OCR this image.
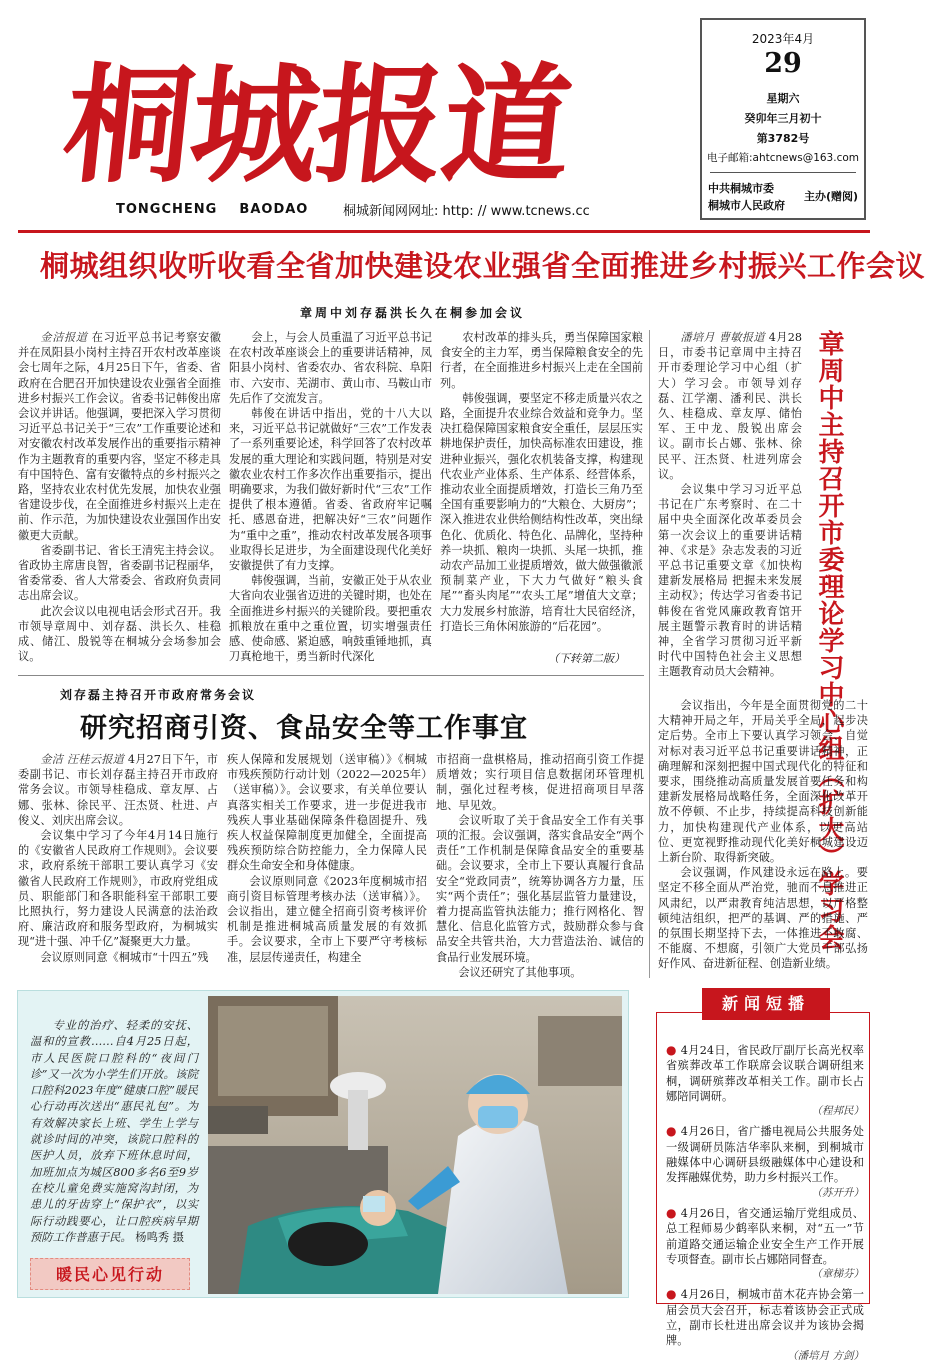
桐城报道
TONGCHENG    BAODAO	桐城新闻网网址: http: // www.tcnews.cc
2023年4月
29
星期六
癸卯年三月初十
第3782号
电子邮箱:ahtcnews@163.com
中共桐城市委
桐城市人民政府
主办(赠阅)
桐城组织收听收看全省加快建设农业强省全面推进乡村振兴工作会议
章周中刘存磊洪长久在桐参加会议

金洁报道 在习近平总书记考察安徽并在凤阳县小岗村主持召开农村改革座谈会七周年之际，4月25日下午，省委、省政府在合肥召开加快建设农业强省全面推进乡村振兴工作会议。省委书记韩俊出席会议并讲话。他强调，要把深入学习贯彻习近平总书记关于“三农”工作重要论述和对安徽农村改革发展作出的重要指示精神作为主题教育的重要内容，坚定不移走具有中国特色、富有安徽特点的乡村振兴之路，坚持农业农村优先发展，加快农业强省建设步伐，在全面推进乡村振兴上走在前、作示范，为加快建设农业强国作出安徽更大贡献。

省委副书记、省长王清宪主持会议。省政协主席唐良智，省委副书记程丽华，省委常委、省人大常委会、省政府负责同志出席会议。

此次会议以电视电话会形式召开。我市领导章周中、刘存磊、洪长久、桂稳成、储江、殷锐等在桐城分会场参加会议。

会上，与会人员重温了习近平总书记在农村改革座谈会上的重要讲话精神，凤阳县小岗村、省委农办、省农科院、阜阳市、六安市、芜湖市、黄山市、马鞍山市先后作了交流发言。

韩俊在讲话中指出，党的十八大以来，习近平总书记就做好“三农”工作发表了一系列重要论述，科学回答了农村改革发展的重大理论和实践问题，特别是对安徽农业农村工作多次作出重要指示，提出明确要求，为我们做好新时代“三农”工作提供了根本遵循。省委、省政府牢记嘱托、感恩奋进，把解决好“三农”问题作为“重中之重”，推动农村改革发展各项事业取得长足进步，为全面建设现代化美好安徽提供了有力支撑。

韩俊强调，当前，安徽正处于从农业大省向农业强省迈进的关键时期，也处在全面推进乡村振兴的关键阶段。要把重农抓粮放在重中之重位置，切实增强责任感、使命感、紧迫感，响鼓重锤地抓，真刀真枪地干，勇当新时代深化

农村改革的排头兵，勇当保障国家粮食安全的主力军，勇当保障粮食安全的先行者，在全面推进乡村振兴上走在全国前列。

韩俊强调，要坚定不移走质量兴农之路，全面提升农业综合效益和竞争力。坚决扛稳保障国家粮食安全重任，层层压实耕地保护责任，加快高标准农田建设，推进种业振兴，强化农机装备支撑，构建现代农业产业体系、生产体系、经营体系，推动农业全面提质增效，打造长三角乃至全国有重要影响力的“大粮仓、大厨房”；深入推进农业供给侧结构性改革，突出绿色化、优质化、特色化、品牌化，坚持种养一块抓、粮肉一块抓、头尾一块抓，推动农产品加工业提质增效，做大做强徽派预制菜产业，下大力气做好“粮头食尾”“畜头肉尾”“农头工尾”增值大文章；大力发展乡村旅游，培育壮大民宿经济，打造长三角休闲旅游的“后花园”。

（下转第二版）	章周中主持召开市委理论学习中心组（扩大）学习会

潘培月 曹敏报道 4月28日，市委书记章周中主持召开市委理论学习中心组（扩大）学习会。市领导刘存磊、江学潮、潘利民、洪长久、桂稳成、章友厚、储怡军、王中龙、殷锐出席会议。副市长占娜、张林、徐民平、汪杰贤、杜进列席会议。

会议集中学习习近平总书记在广东考察时、在二十届中央全面深化改革委员会第一次会议上的重要讲话精神、《求是》杂志发表的习近平总书记重要文章《加快构建新发展格局 把握未来发展主动权》；传达学习省委书记韩俊在省党风廉政教育馆开展主题警示教育时的讲话精神，全省学习贯彻习近平新时代中国特色社会主义思想主题教育动员大会精神。

会议指出，今年是全面贯彻党的二十大精神开局之年，开局关乎全局，起步决定后势。全市上下要认真学习领会、自觉对标对表习近平总书记重要讲话精神，正确理解和深刻把握中国式现代化的特征和要求，围绕推动高质量发展首要任务和构建新发展格局战略任务，全面深化改革开放不停顿、不止步，持续提高科技创新能力，加快构建现代产业体系，以更高站位、更宽视野推动现代化美好桐城建设迈上新台阶、取得新突破。

会议强调，作风建设永远在路上。要坚定不移全面从严治党，驰而不息推进正风肃纪，以严肃教育纯洁思想，以严格整顿纯洁组织，把严的基调、严的措施、严的氛围长期坚持下去，一体推进不敢腐、不能腐、不想腐，引领广大党员干部弘扬好作风、奋进新征程、创造新业绩。

刘存磊主持召开市政府常务会议
研究招商引资、食品安全等工作事宜

金洁 汪桂云报道 4月27日下午，市委副书记、市长刘存磊主持召开市政府常务会议。市领导桂稳成、章友厚、占娜、张林、徐民平、汪杰贤、杜进、卢俊义、刘庆出席会议。

会议集中学习了今年4月14日施行的《安徽省人民政府工作规则》。会议要求，政府系统干部职工要认真学习《安徽省人民政府工作规则》，市政府党组成员、职能部门和各职能科室干部职工要比照执行，努力建设人民满意的法治政府、廉洁政府和服务型政府，为桐城实现“进十强、冲千亿”凝聚更大力量。

会议原则同意《桐城市“十四五”残

疾人保障和发展规划（送审稿）》《桐城市残疾预防行动计划（2022—2025年）（送审稿）》。会议要求，有关单位要认真落实相关工作要求，进一步促进我市残疾人事业基础保障条件稳固提升、残疾人权益保障制度更加健全，全面提高残疾预防综合防控能力，全力保障人民群众生命安全和身体健康。

会议原则同意《2023年度桐城市招商引资目标管理考核办法（送审稿）》。会议指出，建立健全招商引资考核评价机制是推进桐城高质量发展的有效抓手。会议要求，全市上下要严守考核标准，层层传递责任，构建全

市招商一盘棋格局，推动招商引资工作提质增效；实行项目信息数据闭环管理机制，强化过程考核，促进招商项目早落地、早见效。

会议听取了关于食品安全工作有关事项的汇报。会议强调，落实食品安全“两个责任”工作机制是保障食品安全的重要基础。会议要求，全市上下要认真履行食品安全“党政同责”，统筹协调各方力量，压实“两个责任”；强化基层监管力量建设，着力提高监管执法能力；推行网格化、智慧化、信息化监管方式，鼓励群众参与食品安全共管共治，大力营造法治、诚信的食品行业发展环境。

会议还研究了其他事项。

专业的治疗、轻柔的安抚、温和的宣教……自4月25日起，市人民医院口腔科的“夜间门诊”又一次为小学生们开放。该院口腔科2023年度“健康口腔”暖民心行动再次送出“惠民礼包”。为有效解决家长上班、学生上学与就诊时间的冲突，该院口腔科的医护人员，放弃下班休息时间，加班加点为城区800多名6至9岁在校儿童免费实施窝沟封闭，为患儿的牙齿穿上“保护衣”，以实际行动践要心，让口腔疾病早期预防工作普惠于民。 杨鸣秀 摄

暖民心见行动
新闻短播
● 4月24日，省民政厅副厅长高光权率省殡葬改革工作联席会议联合调研组来桐，调研殡葬改革相关工作。副市长占娜陪同调研。
（程邦民）
● 4月26日，省广播电视局公共服务处一级调研员陈洁华率队来桐，到桐城市融媒体中心调研县级融媒体中心建设和发挥融媒优势，助力乡村振兴工作。
（苏开升）
● 4月26日，省交通运输厅党组成员、总工程师易少鹤率队来桐，对“五一”节前道路交通运输企业安全生产工作开展专项督查。副市长占娜陪同督查。
（章梯芬）
● 4月26日，桐城市苗木花卉协会第一届会员大会召开，标志着该协会正式成立，副市长杜进出席会议并为该协会揭牌。
（潘培月 方剑）
